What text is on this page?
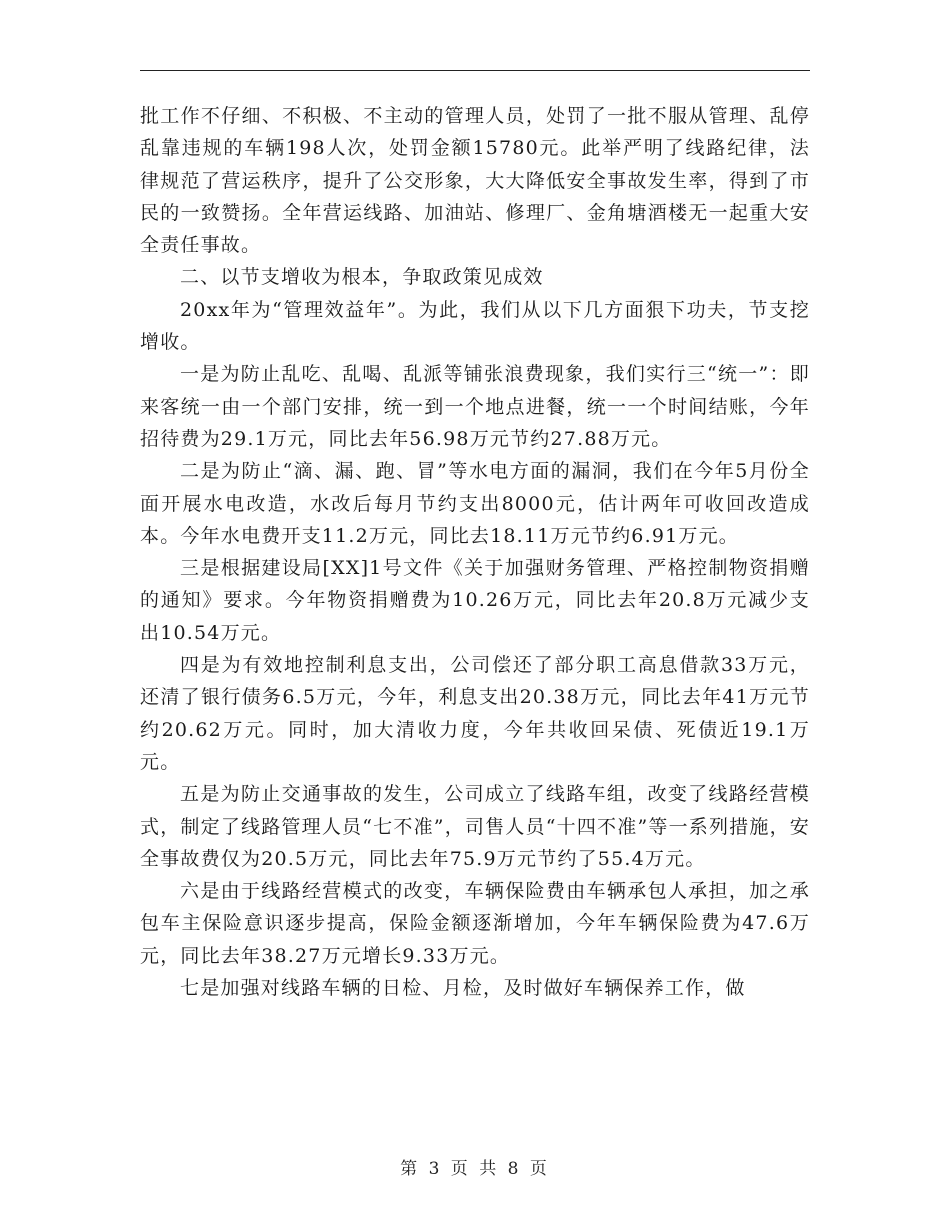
批工作不仔细、不积极、不主动的管理人员，处罚了一批不服从管理、乱停乱靠违规的车辆198人次，处罚金额15780元。此举严明了线路纪律，法律规范了营运秩序，提升了公交形象，大大降低安全事故发生率，得到了市民的一致赞扬。全年营运线路、加油站、修理厂、金角塘酒楼无一起重大安全责任事故。

二、以节支增收为根本，争取政策见成效

20xx年为“管理效益年”。为此，我们从以下几方面狠下功夫，节支挖增收。

一是为防止乱吃、乱喝、乱派等铺张浪费现象，我们实行三“统一”：即来客统一由一个部门安排，统一到一个地点进餐，统一一个时间结账，今年招待费为29.1万元，同比去年56.98万元节约27.88万元。

二是为防止“滴、漏、跑、冒”等水电方面的漏洞，我们在今年5月份全面开展水电改造，水改后每月节约支出8000元，估计两年可收回改造成本。今年水电费开支11.2万元，同比去18.11万元节约6.91万元。

三是根据建设局[XX]1号文件《关于加强财务管理、严格控制物资捐赠的通知》要求。今年物资捐赠费为10.26万元，同比去年20.8万元减少支出10.54万元。

四是为有效地控制利息支出，公司偿还了部分职工高息借款33万元，还清了银行债务6.5万元，今年，利息支出20.38万元，同比去年41万元节约20.62万元。同时，加大清收力度，今年共收回呆债、死债近19.1万元。

五是为防止交通事故的发生，公司成立了线路车组，改变了线路经营模式，制定了线路管理人员“七不准”，司售人员“十四不准”等一系列措施，安全事故费仅为20.5万元，同比去年75.9万元节约了55.4万元。

六是由于线路经营模式的改变，车辆保险费由车辆承包人承担，加之承包车主保险意识逐步提高，保险金额逐渐增加，今年车辆保险费为47.6万元，同比去年38.27万元增长9.33万元。

七是加强对线路车辆的日检、月检，及时做好车辆保养工作，做

第 3 页 共 8 页
